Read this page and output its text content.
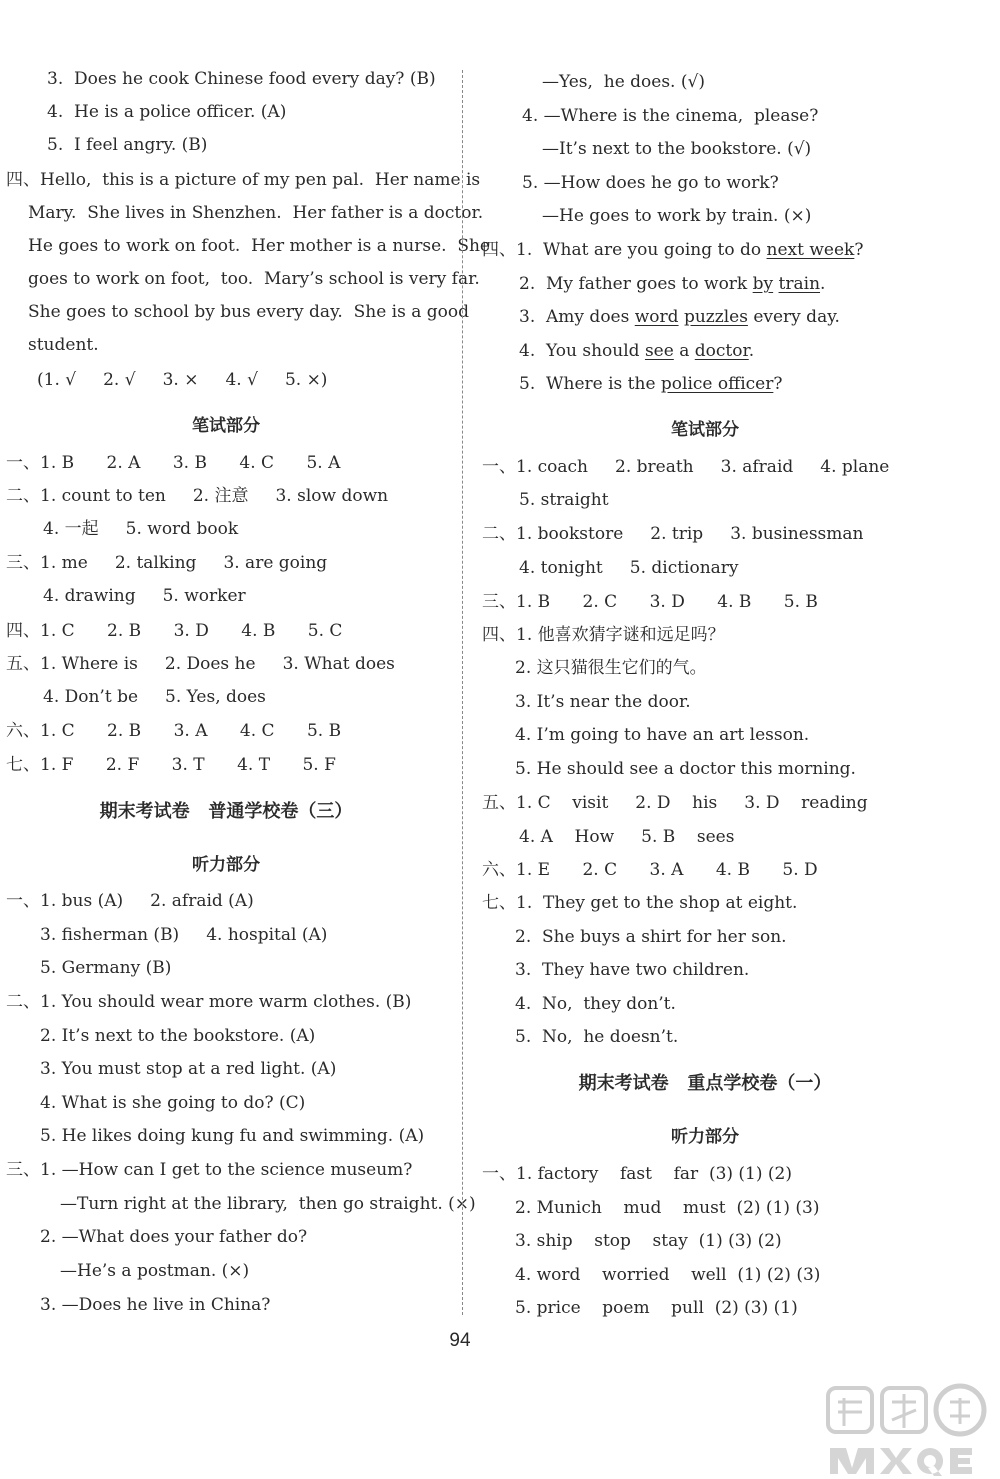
3.  Does he cook Chinese food every day? (B)
4.  He is a police officer. (A)
5.  I feel angry. (B)
四、Hello,  this is a picture of my pen pal.  Her name is
Mary.  She lives in Shenzhen.  Her father is a doctor.
He goes to work on foot.  Her mother is a nurse.  She
goes to work on foot,  too.  Mary’s school is very far.
She goes to school by bus every day.  She is a good
student.
(1. √     2. √     3. ×     4. √     5. ×)
笔试部分
一、1. B      2. A      3. B      4. C      5. A
二、1. count to ten     2. 注意     3. slow down
4. 一起     5. word book
三、1. me     2. talking     3. are going
4. drawing     5. worker
四、1. C      2. B      3. D      4. B      5. C
五、1. Where is     2. Does he     3. What does
4. Don’t be     5. Yes, does
六、1. C      2. B      3. A      4. C      5. B
七、1. F      2. F      3. T      4. T      5. F
期末考试卷   普通学校卷（三）
听力部分
一、1. bus (A)     2. afraid (A)
3. fisherman (B)     4. hospital (A)
5. Germany (B)
二、1. You should wear more warm clothes. (B)
2. It’s next to the bookstore. (A)
3. You must stop at a red light. (A)
4. What is she going to do? (C)
5. He likes doing kung fu and swimming. (A)
三、1. —How can I get to the science museum?
—Turn right at the library,  then go straight. (×)
2. —What does your father do?
—He’s a postman. (×)
3. —Does he live in China?
—Yes,  he does. (√)
4. —Where is the cinema,  please?
—It’s next to the bookstore. (√)
5. —How does he go to work?
—He goes to work by train. (×)
四、1.  What are you going to do next week?
2.  My father goes to work by train.
3.  Amy does word puzzles every day.
4.  You should see a doctor.
5.  Where is the police officer?
笔试部分
一、1. coach     2. breath     3. afraid     4. plane
5. straight
二、1. bookstore     2. trip     3. businessman
4. tonight     5. dictionary
三、1. B      2. C      3. D      4. B      5. B
四、1. 他喜欢猜字谜和远足吗？
2. 这只猫很生它们的气。
3. It’s near the door.
4. I’m going to have an art lesson.
5. He should see a doctor this morning.
五、1. C    visit     2. D    his     3. D    reading
4. A    How     5. B    sees
六、1. E      2. C      3. A      4. B      5. D
七、1.  They get to the shop at eight.
2.  She buys a shirt for her son.
3.  They have two children.
4.  No,  they don’t.
5.  No,  he doesn’t.
期末考试卷   重点学校卷（一）
听力部分
一、1. factory    fast    far  (3) (1) (2)
2. Munich    mud    must  (2) (1) (3)
3. ship    stop    stay  (1) (3) (2)
4. word    worried    well  (1) (2) (3)
5. price    poem    pull  (2) (3) (1)
94
